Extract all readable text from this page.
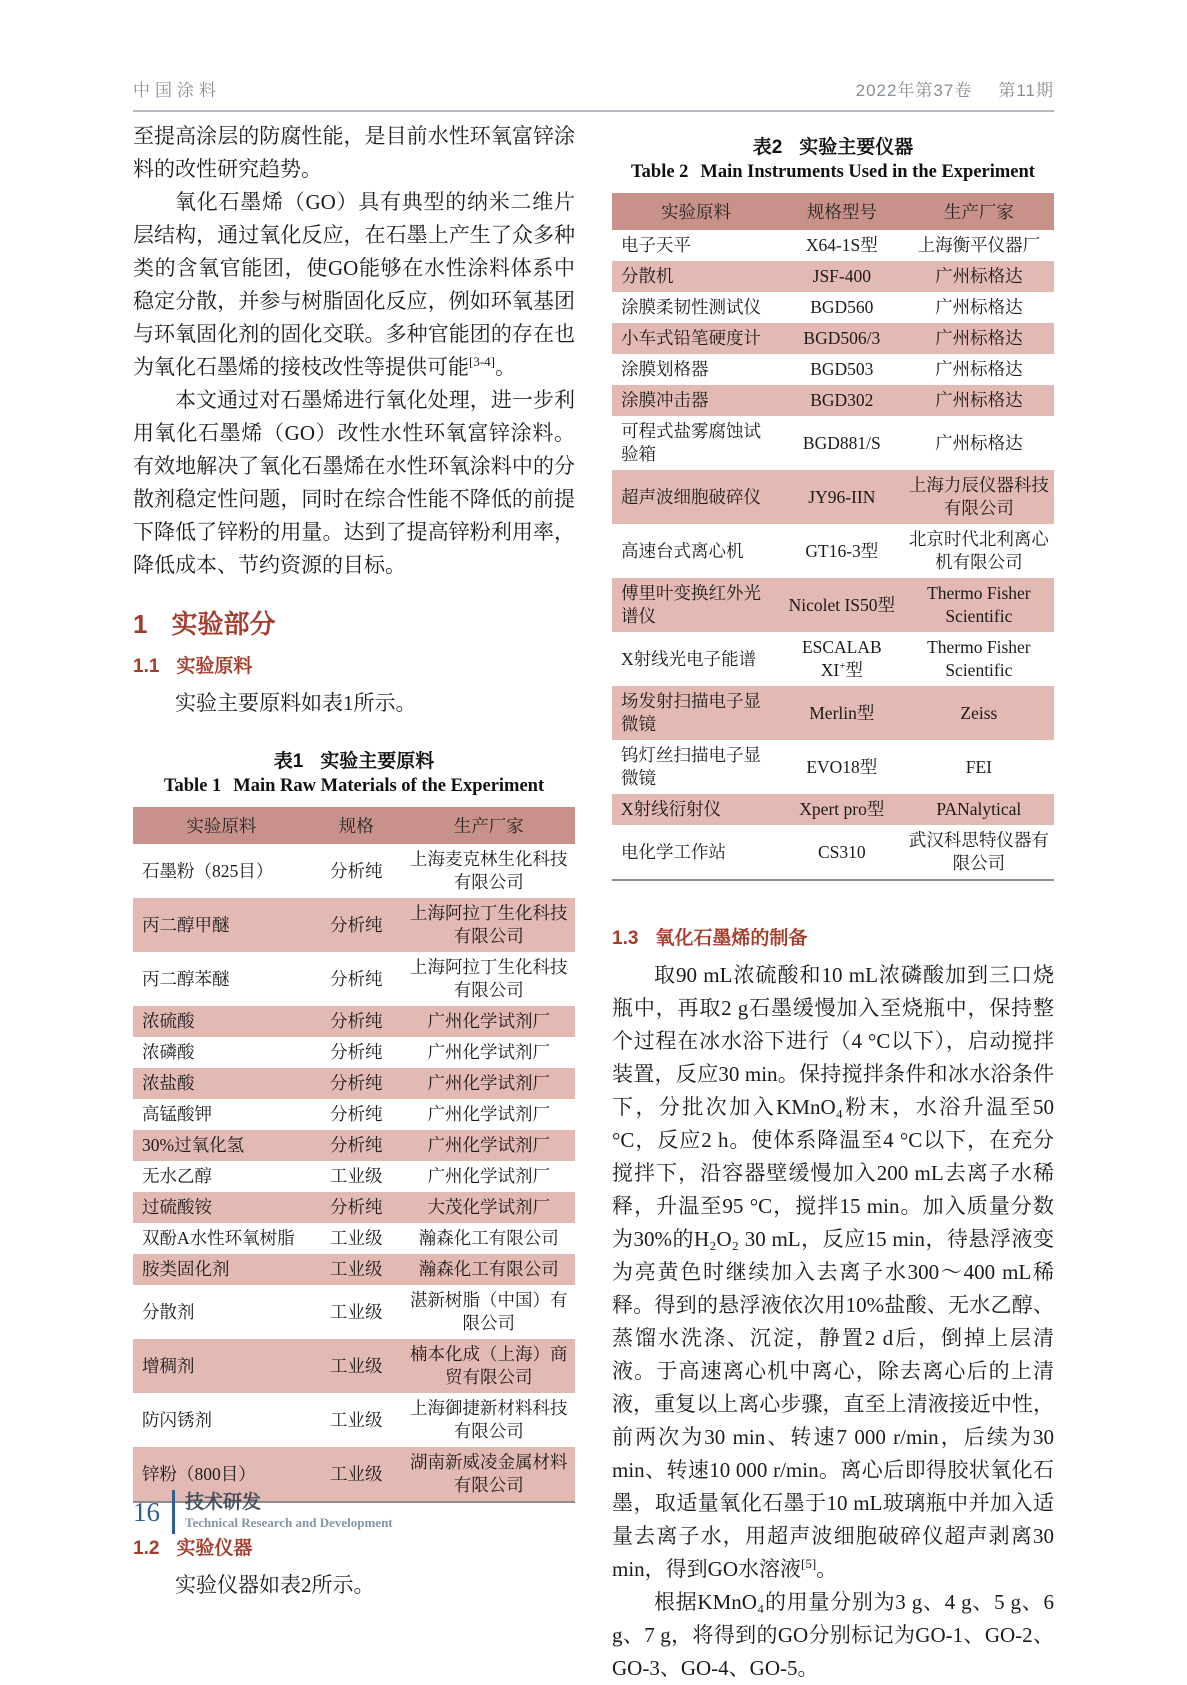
中国涂料	2022年第37卷 第11期

至提高涂层的防腐性能，是目前水性环氧富锌涂料的改性研究趋势。

氧化石墨烯（GO）具有典型的纳米二维片层结构，通过氧化反应，在石墨上产生了众多种类的含氧官能团，使GO能够在水性涂料体系中稳定分散，并参与树脂固化反应，例如环氧基团与环氧固化剂的固化交联。多种官能团的存在也为氧化石墨烯的接枝改性等提供可能[3-4]。

本文通过对石墨烯进行氧化处理，进一步利用氧化石墨烯（GO）改性水性环氧富锌涂料。有效地解决了氧化石墨烯在水性环氧涂料中的分散剂稳定性问题，同时在综合性能不降低的前提下降低了锌粉的用量。达到了提高锌粉利用率，降低成本、节约资源的目标。

1 实验部分
1.1 实验原料

实验主要原料如表1所示。

表1 实验主要原料
Table 1 Main Raw Materials of the Experiment
实验原料	规格	生产厂家
石墨粉（825目）	分析纯	上海麦克林生化科技有限公司
丙二醇甲醚	分析纯	上海阿拉丁生化科技有限公司
丙二醇苯醚	分析纯	上海阿拉丁生化科技有限公司
浓硫酸	分析纯	广州化学试剂厂
浓磷酸	分析纯	广州化学试剂厂
浓盐酸	分析纯	广州化学试剂厂
高锰酸钾	分析纯	广州化学试剂厂
30%过氧化氢	分析纯	广州化学试剂厂
无水乙醇	工业级	广州化学试剂厂
过硫酸铵	分析纯	大茂化学试剂厂
双酚A水性环氧树脂	工业级	瀚森化工有限公司
胺类固化剂	工业级	瀚森化工有限公司
分散剂	工业级	湛新树脂（中国）有限公司
增稠剂	工业级	楠本化成（上海）商贸有限公司
防闪锈剂	工业级	上海御捷新材料科技有限公司
锌粉（800目）	工业级	湖南新威凌金属材料有限公司
1.2 实验仪器

实验仪器如表2所示。

表2 实验主要仪器
Table 2 Main Instruments Used in the Experiment
实验原料	规格型号	生产厂家
电子天平	X64-1S型	上海衡平仪器厂
分散机	JSF-400	广州标格达
涂膜柔韧性测试仪	BGD560	广州标格达
小车式铅笔硬度计	BGD506/3	广州标格达
涂膜划格器	BGD503	广州标格达
涂膜冲击器	BGD302	广州标格达
可程式盐雾腐蚀试验箱	BGD881/S	广州标格达
超声波细胞破碎仪	JY96-IIN	上海力辰仪器科技有限公司
高速台式离心机	GT16-3型	北京时代北利离心机有限公司
傅里叶变换红外光谱仪	Nicolet IS50型	Thermo Fisher Scientific
X射线光电子能谱	ESCALAB XI+型	Thermo Fisher Scientific
场发射扫描电子显微镜	Merlin型	Zeiss
钨灯丝扫描电子显微镜	EVO18型	FEI
X射线衍射仪	Xpert pro型	PANalytical
电化学工作站	CS310	武汉科思特仪器有限公司
1.3 氧化石墨烯的制备

取90 mL浓硫酸和10 mL浓磷酸加到三口烧瓶中，再取2 g石墨缓慢加入至烧瓶中，保持整个过程在冰水浴下进行（4 °C以下），启动搅拌装置，反应30 min。保持搅拌条件和冰水浴条件下，分批次加入KMnO₄粉末，水浴升温至50 °C，反应2 h。使体系降温至4 °C以下，在充分搅拌下，沿容器壁缓慢加入200 mL去离子水稀释，升温至95 °C，搅拌15 min。加入质量分数为30%的H₂O₂ 30 mL，反应15 min，待悬浮液变为亮黄色时继续加入去离子水300～400 mL稀释。得到的悬浮液依次用10%盐酸、无水乙醇、蒸馏水洗涤、沉淀，静置2 d后，倒掉上层清液。于高速离心机中离心，除去离心后的上清液，重复以上离心步骤，直至上清液接近中性，前两次为30 min、转速7 000 r/min，后续为30 min、转速10 000 r/min。离心后即得胶状氧化石墨，取适量氧化石墨于10 mL玻璃瓶中并加入适量去离子水，用超声波细胞破碎仪超声剥离30 min，得到GO水溶液[5]。

根据KMnO₄的用量分别为3 g、4 g、5 g、6 g、7 g，将得到的GO分别标记为GO-1、GO-2、GO-3、GO-4、GO-5。

16 技术研发
Technical Research and Development
